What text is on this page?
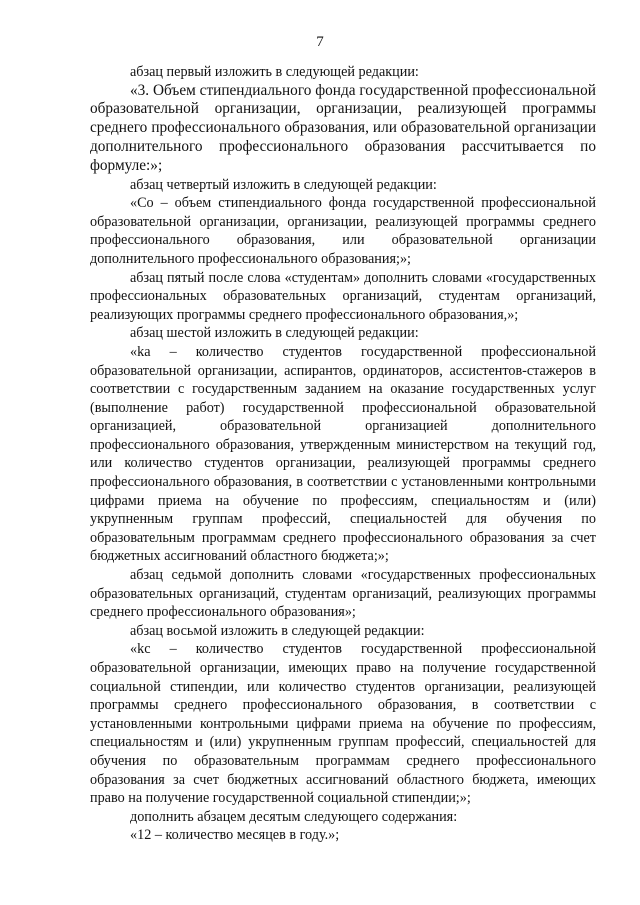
7

абзац первый изложить в следующей редакции:

«3. Объем стипендиального фонда государственной профессиональной образовательной организации, организации, реализующей программы среднего профессионального образования, или образовательной организации дополнительного профессионального образования рассчитывается по формуле:»;

абзац четвертый изложить в следующей редакции:

«Со – объем стипендиального фонда государственной профессиональной образовательной организации, организации, реализующей программы среднего профессионального образования, или образовательной организации дополнительного профессионального образования;»;

абзац пятый после слова «студентам» дополнить словами «государственных профессиональных образовательных организаций, студентам организаций, реализующих программы среднего профессионального образования,»;

абзац шестой изложить в следующей редакции:

«kа – количество студентов государственной профессиональной образовательной организации, аспирантов, ординаторов, ассистентов-стажеров в соответствии с государственным заданием на оказание государственных услуг (выполнение работ) государственной профессиональной образовательной организацией, образовательной организацией дополнительного профессионального образования, утвержденным министерством на текущий год, или количество студентов организации, реализующей программы среднего профессионального образования, в соответствии с установленными контрольными цифрами приема на обучение по профессиям, специальностям и (или) укрупненным группам профессий, специальностей для обучения по образовательным программам среднего профессионального образования за счет бюджетных ассигнований областного бюджета;»;

абзац седьмой дополнить словами «государственных профессиональных образовательных организаций, студентам организаций, реализующих программы среднего профессионального образования»;

абзац восьмой изложить в следующей редакции:

«kс – количество студентов государственной профессиональной образовательной организации, имеющих право на получение государственной социальной стипендии, или количество студентов организации, реализующей программы среднего профессионального образования, в соответствии с установленными контрольными цифрами приема на обучение по профессиям, специальностям и (или) укрупненным группам профессий, специальностей для обучения по образовательным программам среднего профессионального образования за счет бюджетных ассигнований областного бюджета, имеющих право на получение государственной социальной стипендии;»;

дополнить абзацем десятым следующего содержания:

«12 – количество месяцев в году.»;
